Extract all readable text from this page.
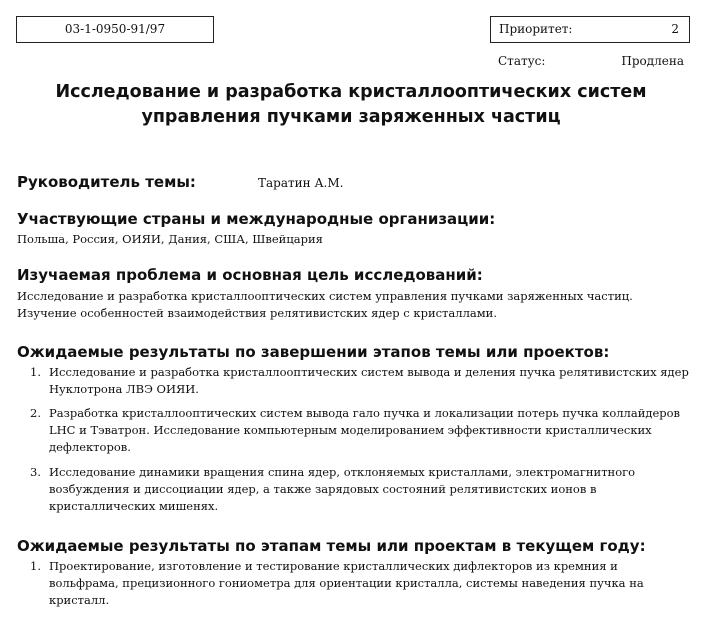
03-1-0950-91/97	Приоритет:	2
Статус:	Продлена
Исследование и разработка кристаллооптических систем
управления пучками заряженных частиц
Руководитель темы:	Таратин А.М.
Участвующие страны и международные организации:
Польша, Россия, ОИЯИ, Дания, США, Швейцария
Изучаемая проблема и основная цель исследований:
Исследование и разработка кристаллооптических систем управления пучками заряженных частиц. Изучение особенностей взаимодействия релятивистских ядер с кристаллами.
Ожидаемые результаты по завершении этапов темы или проектов:
1. Исследование и разработка кристаллооптических систем вывода и деления пучка релятивистских ядер Нуклотрона ЛВЭ ОИЯИ.
2. Разработка кристаллооптических систем вывода гало пучка и локализации потерь пучка коллайдеров LHC и Тэватрон. Исследование компьютерным моделированием эффективности кристаллических дефлекторов.
3. Исследование динамики вращения спина ядер, отклоняемых кристаллами, электромагнитного возбуждения и диссоциации ядер, а также зарядовых состояний релятивистских ионов в кристаллических мишенях.
Ожидаемые результаты по этапам темы или проектам в текущем году:
1. Проектирование, изготовление и тестирование кристаллических дифлекторов из кремния и вольфрама, прецизионного гониометра для ориентации кристалла, системы наведения пучка на кристалл.
